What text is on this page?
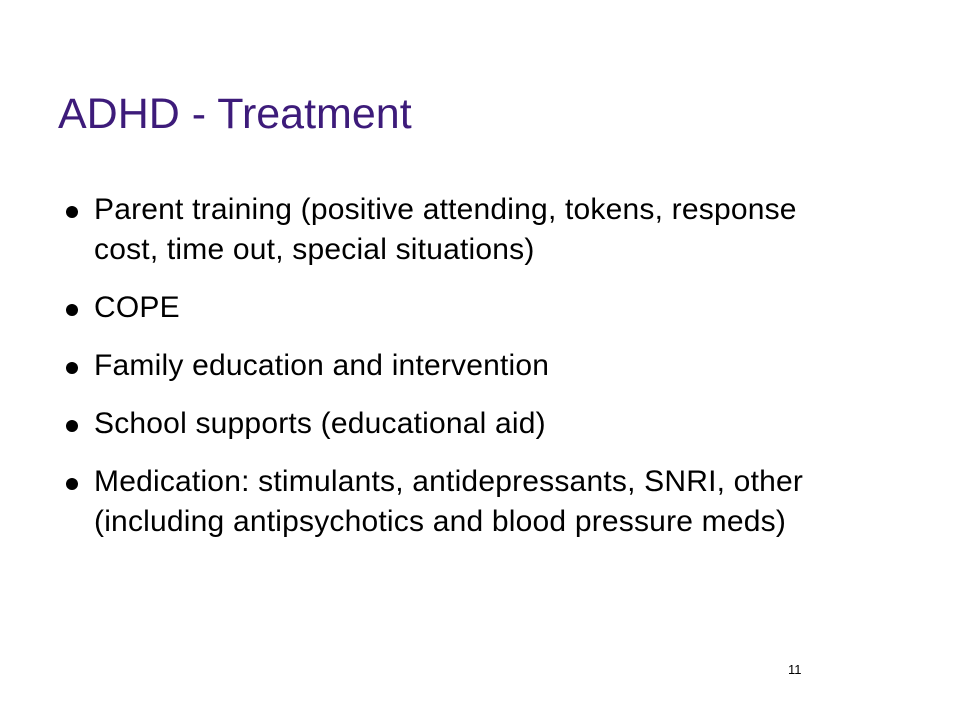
ADHD - Treatment
Parent training (positive attending, tokens, response cost, time out, special situations)
COPE
Family education and intervention
School supports (educational aid)
Medication: stimulants, antidepressants, SNRI, other (including antipsychotics and blood pressure meds)
11
